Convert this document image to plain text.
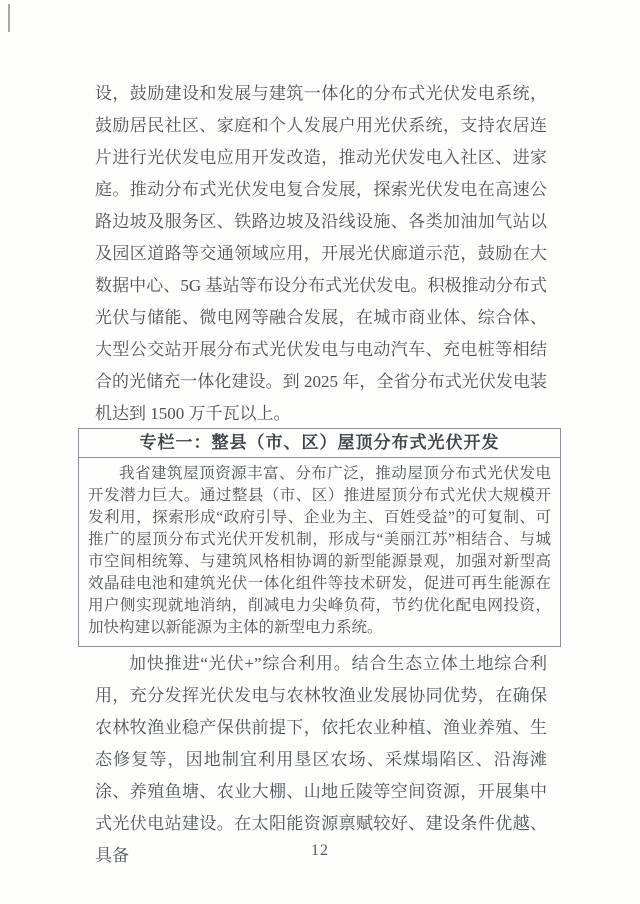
设，鼓励建设和发展与建筑一体化的分布式光伏发电系统，鼓励居民社区、家庭和个人发展户用光伏系统，支持农居连片进行光伏发电应用开发改造，推动光伏发电入社区、进家庭。推动分布式光伏发电复合发展，探索光伏发电在高速公路边坡及服务区、铁路边坡及沿线设施、各类加油加气站以及园区道路等交通领域应用，开展光伏廊道示范，鼓励在大数据中心、5G 基站等布设分布式光伏发电。积极推动分布式光伏与储能、微电网等融合发展，在城市商业体、综合体、大型公交站开展分布式光伏发电与电动汽车、充电桩等相结合的光储充一体化建设。到 2025 年，全省分布式光伏发电装机达到 1500 万千瓦以上。

专栏一：整县（市、区）屋顶分布式光伏开发

我省建筑屋顶资源丰富、分布广泛，推动屋顶分布式光伏发电开发潜力巨大。通过整县（市、区）推进屋顶分布式光伏大规模开发利用，探索形成“政府引导、企业为主、百姓受益”的可复制、可推广的屋顶分布式光伏开发机制，形成与“美丽江苏”相结合、与城市空间相统筹、与建筑风格相协调的新型能源景观，加强对新型高效晶硅电池和建筑光伏一体化组件等技术研发，促进可再生能源在用户侧实现就地消纳，削减电力尖峰负荷，节约优化配电网投资，加快构建以新能源为主体的新型电力系统。

加快推进“光伏+”综合利用。结合生态立体土地综合利用，充分发挥光伏发电与农林牧渔业发展协同优势，在确保农林牧渔业稳产保供前提下，依托农业种植、渔业养殖、生态修复等，因地制宜利用垦区农场、采煤塌陷区、沿海滩涂、养殖鱼塘、农业大棚、山地丘陵等空间资源，开展集中式光伏电站建设。在太阳能资源禀赋较好、建设条件优越、具备	12
